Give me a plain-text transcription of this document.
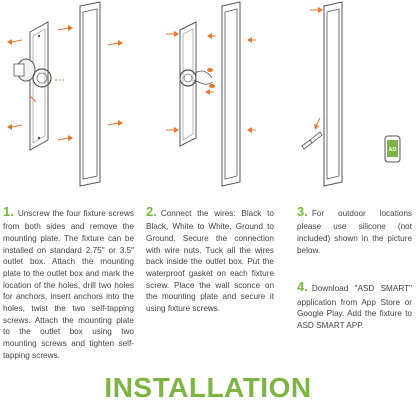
AD

1. Unscrew the four fixture screws from both sides and remove the mounting plate. The fixture can be installed on standard 2.75" or 3.5" outlet box. Attach the mounting plate to the outlet box and mark the location of the holes, drill two holes for anchors, insert anchors into the holes, twist the two self-tapping screws. Attach the mounting plate to the outlet box using two mounting screws and tighten self-tapping screws.

2. Connect the wires: Black to Black, White to White, Ground to Ground. Secure the connection with wire nuts. Tuck all the wires back inside the outlet box. Put the waterproof gasket on each fixture screw. Place the wall sconce on the mounting plate and secure it using fixture screws.

3. For outdoor locations please use silicone (not included) shown in the picture below.

4. Download "ASD SMART" application from App Store or Google Play. Add the fixture to ASD SMART APP.

INSTALLATION
